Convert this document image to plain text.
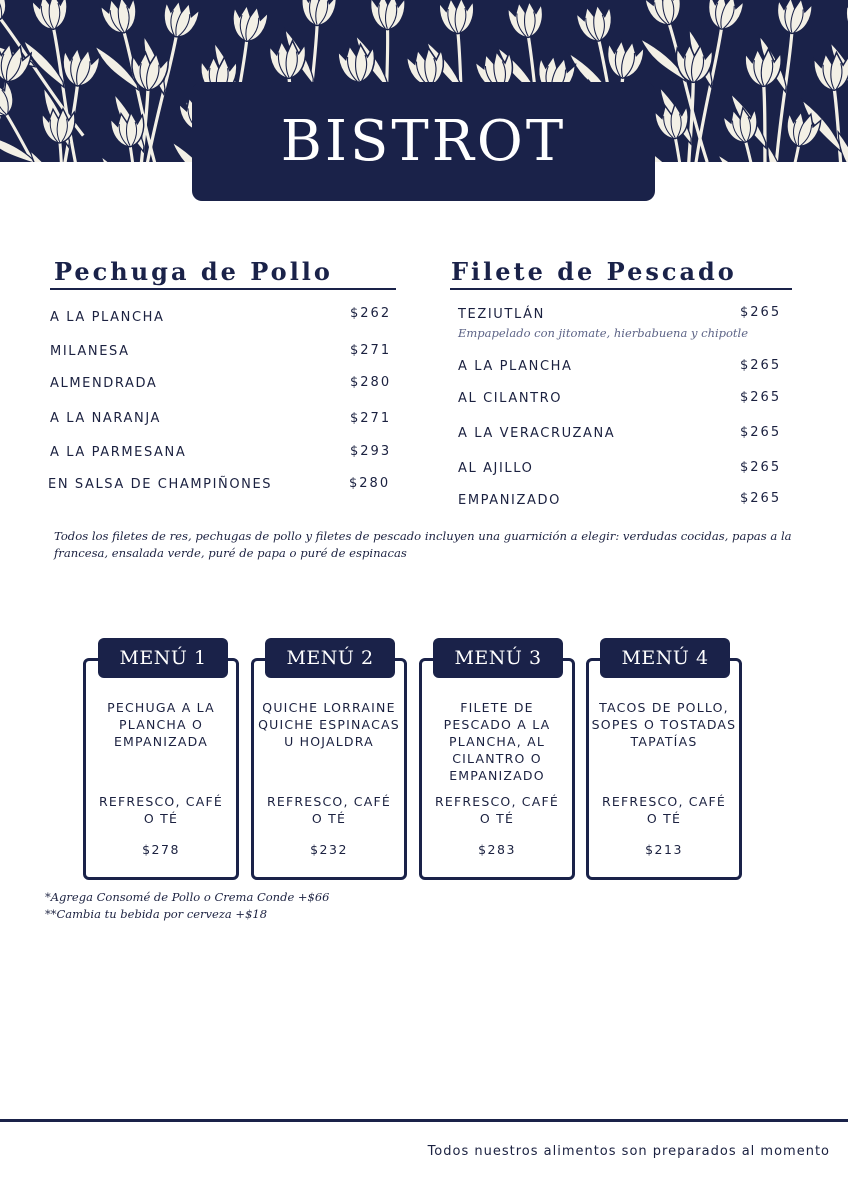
BISTROT
Pechuga de Pollo
A LA PLANCHA	$262
MILANESA	$271
ALMENDRADA	$280
A LA NARANJA	$271
A LA PARMESANA	$293
EN SALSA DE CHAMPIÑONES	$280
Filete de Pescado
TEZIUTLÁN	$265
Empapelado con jitomate, hierbabuena y chipotle
A LA PLANCHA	$265
AL CILANTRO	$265
A LA VERACRUZANA	$265
AL AJILLO	$265
EMPANIZADO	$265
Todos los filetes de res, pechugas de pollo y filetes de pescado incluyen una guarnición a elegir: verdudas cocidas, papas a la francesa, ensalada verde, puré de papa o puré de espinacas
PECHUGA A LA PLANCHA O EMPANIZADA
REFRESCO, CAFÉ O TÉ
$278
MENÚ 1
QUICHE LORRAINE QUICHE ESPINACAS U HOJALDRA
REFRESCO, CAFÉ O TÉ
$232
MENÚ 2
FILETE DE PESCADO A LA PLANCHA, AL CILANTRO O EMPANIZADO
REFRESCO, CAFÉ O TÉ
$283
MENÚ 3
TACOS DE POLLO, SOPES O TOSTADAS TAPATÍAS
REFRESCO, CAFÉ O TÉ
$213
MENÚ 4
*Agrega Consomé de Pollo o Crema Conde +$66
**Cambia tu bebida por cerveza +$18
Todos nuestros alimentos son preparados al momento
